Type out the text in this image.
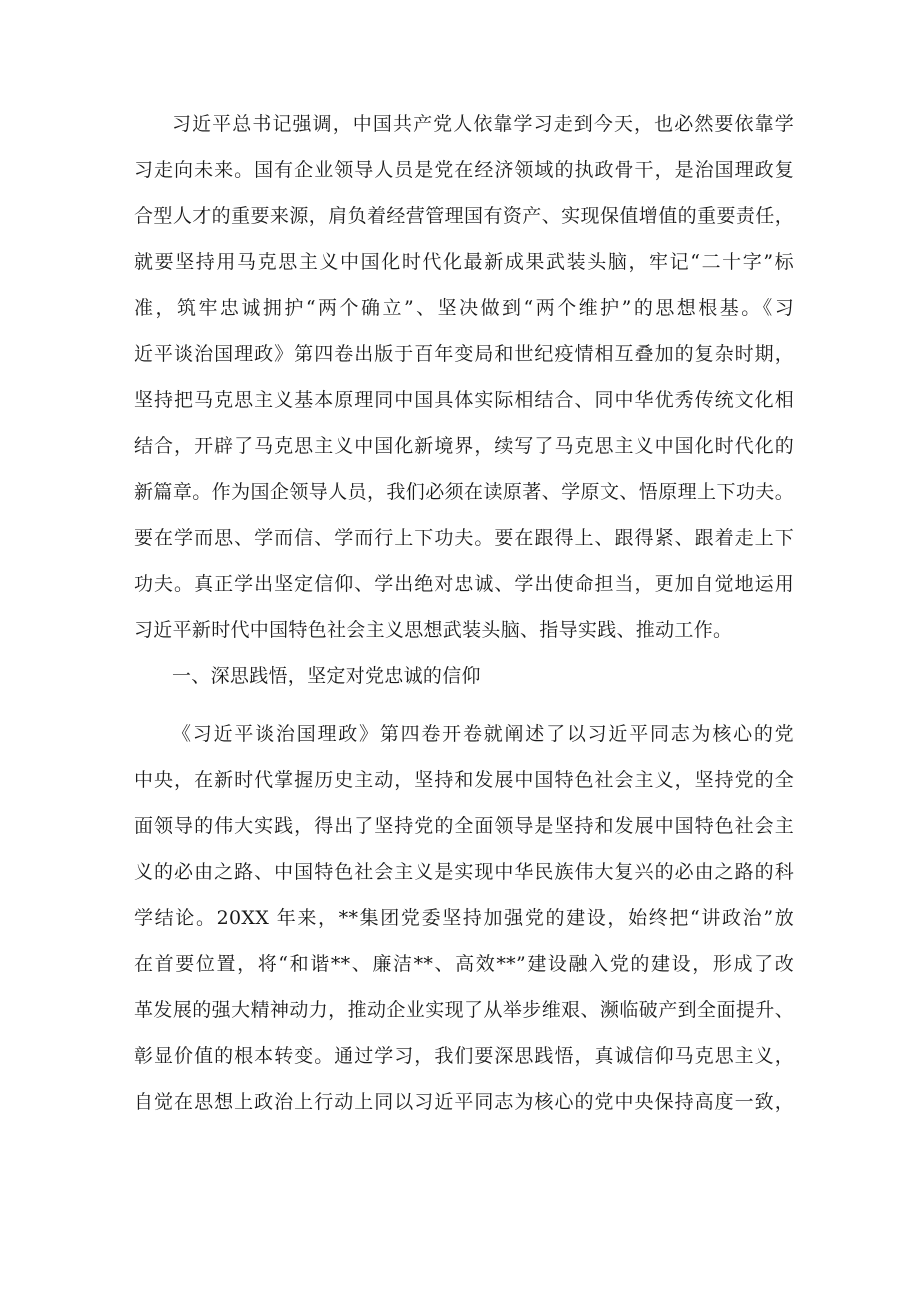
习近平总书记强调，中国共产党人依靠学习走到今天，也必然要依靠学
习走向未来。国有企业领导人员是党在经济领域的执政骨干，是治国理政复
合型人才的重要来源，肩负着经营管理国有资产、实现保值增值的重要责任，
就要坚持用马克思主义中国化时代化最新成果武装头脑，牢记“二十字”标
准，筑牢忠诚拥护“两个确立”、坚决做到“两个维护”的思想根基。《习
近平谈治国理政》第四卷出版于百年变局和世纪疫情相互叠加的复杂时期，
坚持把马克思主义基本原理同中国具体实际相结合、同中华优秀传统文化相
结合，开辟了马克思主义中国化新境界，续写了马克思主义中国化时代化的
新篇章。作为国企领导人员，我们必须在读原著、学原文、悟原理上下功夫。
要在学而思、学而信、学而行上下功夫。要在跟得上、跟得紧、跟着走上下
功夫。真正学出坚定信仰、学出绝对忠诚、学出使命担当，更加自觉地运用
习近平新时代中国特色社会主义思想武装头脑、指导实践、推动工作。
一、深思践悟，坚定对党忠诚的信仰
《习近平谈治国理政》第四卷开卷就阐述了以习近平同志为核心的党
中央，在新时代掌握历史主动，坚持和发展中国特色社会主义，坚持党的全
面领导的伟大实践，得出了坚持党的全面领导是坚持和发展中国特色社会主
义的必由之路、中国特色社会主义是实现中华民族伟大复兴的必由之路的科
学结论。20XX 年来，**集团党委坚持加强党的建设，始终把“讲政治”放
在首要位置，将“和谐**、廉洁**、高效**”建设融入党的建设，形成了改
革发展的强大精神动力，推动企业实现了从举步维艰、濒临破产到全面提升、
彰显价值的根本转变。通过学习，我们要深思践悟，真诚信仰马克思主义，
自觉在思想上政治上行动上同以习近平同志为核心的党中央保持高度一致，
